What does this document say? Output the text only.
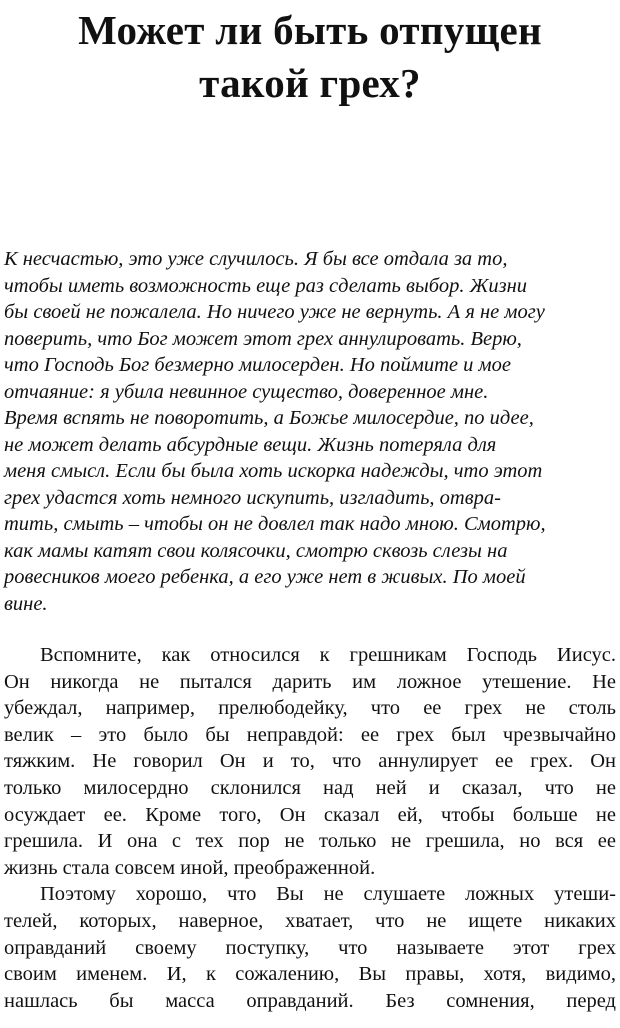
Может ли быть отпущен
такой грех?

К несчастью, это уже случилось. Я бы все отдала за то,
чтобы иметь возможность еще раз сделать выбор. Жизни
бы своей не пожалела. Но ничего уже не вернуть. А я не могу
поверить, что Бог может этот грех аннулировать. Верю,
что Господь Бог безмерно милосерден. Но поймите и мое
отчаяние: я убила невинное существо, доверенное мне.
Время вспять не поворотить, а Божье милосердие, по идее,
не может делать абсурдные вещи. Жизнь потеряла для
меня смысл. Если бы была хоть искорка надежды, что этот
грех удастся хоть немного искупить, изгладить, отвра-
тить, смыть – чтобы он не довлел так надо мною. Смотрю,
как мамы катят свои колясочки, смотрю сквозь слезы на
ровесников моего ребенка, а его уже нет в живых. По моей
вине.

Вспомните, как относился к грешникам Господь Иисус.
Он никогда не пытался дарить им ложное утешение. Не
убеждал, например, прелюбодейку, что ее грех не столь
велик – это было бы неправдой: ее грех был чрезвычайно
тяжким. Не говорил Он и то, что аннулирует ее грех. Он
только милосердно склонился над ней и сказал, что не
осуждает ее. Кроме того, Он сказал ей, чтобы больше не
грешила. И она с тех пор не только не грешила, но вся ее
жизнь стала совсем иной, преображенной.
Поэтому хорошо, что Вы не слушаете ложных утеши-
телей, которых, наверное, хватает, что не ищете никаких
оправданий своему поступку, что называете этот грех
своим именем. И, к сожалению, Вы правы, хотя, видимо,
нашлась бы масса оправданий. Без сомнения, перед
